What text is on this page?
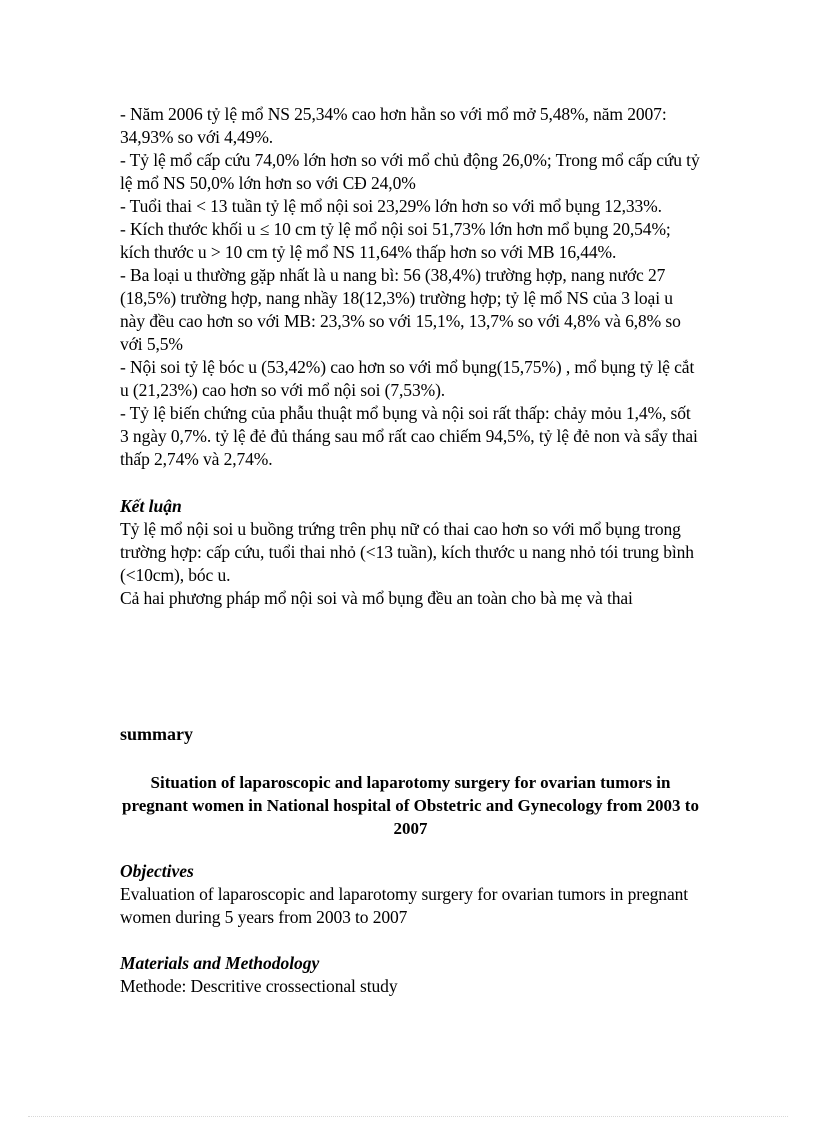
- Năm 2006 tỷ lệ mổ NS 25,34% cao hơn hẳn so với mổ mở 5,48%, năm 2007: 34,93% so với 4,49%.

- Tỷ lệ mổ cấp cứu 74,0% lớn hơn so với mổ chủ động 26,0%; Trong mổ cấp cứu tỷ lệ mổ NS 50,0% lớn hơn so với CĐ 24,0%

- Tuổi thai < 13 tuần tỷ lệ mổ nội soi 23,29% lớn hơn so với mổ bụng 12,33%.

- Kích thước khối u ≤ 10 cm tỷ lệ mổ nội soi 51,73% lớn hơn mổ bụng 20,54%; kích thước u > 10 cm tỷ lệ mổ NS 11,64% thấp hơn so với MB 16,44%.

- Ba loại u thường gặp nhất là u nang bì: 56 (38,4%) trường hợp, nang nước 27 (18,5%) trường hợp, nang nhầy 18(12,3%) trường hợp; tỷ lệ mổ NS của 3 loại u này đều cao hơn so với MB: 23,3% so với 15,1%, 13,7% so với 4,8% và 6,8% so với 5,5%

- Nội soi tỷ lệ bóc u (53,42%) cao hơn so với mổ bụng(15,75%) , mổ bụng tỷ lệ cắt u (21,23%) cao hơn so với mổ nội soi (7,53%).

- Tỷ lệ biến chứng của phẫu thuật mổ bụng và nội soi rất thấp: chảy mỏu 1,4%, sốt 3 ngày 0,7%. tỷ lệ đẻ đủ tháng sau mổ rất cao chiếm 94,5%, tỷ lệ đẻ non và sẩy thai thấp 2,74% và 2,74%.

Kết luận

Tỷ lệ mổ nội soi u buồng trứng trên phụ nữ có thai cao hơn so với mổ bụng trong trường hợp: cấp cứu, tuổi thai nhỏ (<13 tuần), kích thước u nang nhỏ tói trung bình (<10cm), bóc u.

Cả hai phương pháp mổ nội soi và mổ bụng đều an toàn cho bà mẹ và thai

summary

Situation of laparoscopic and laparotomy surgery for ovarian tumors in pregnant women in National hospital of Obstetric and Gynecology from 2003 to 2007

Objectives

Evaluation of laparoscopic and laparotomy surgery for ovarian tumors in pregnant women during 5 years from 2003 to 2007

Materials and Methodology

Methode: Descritive crossectional study
